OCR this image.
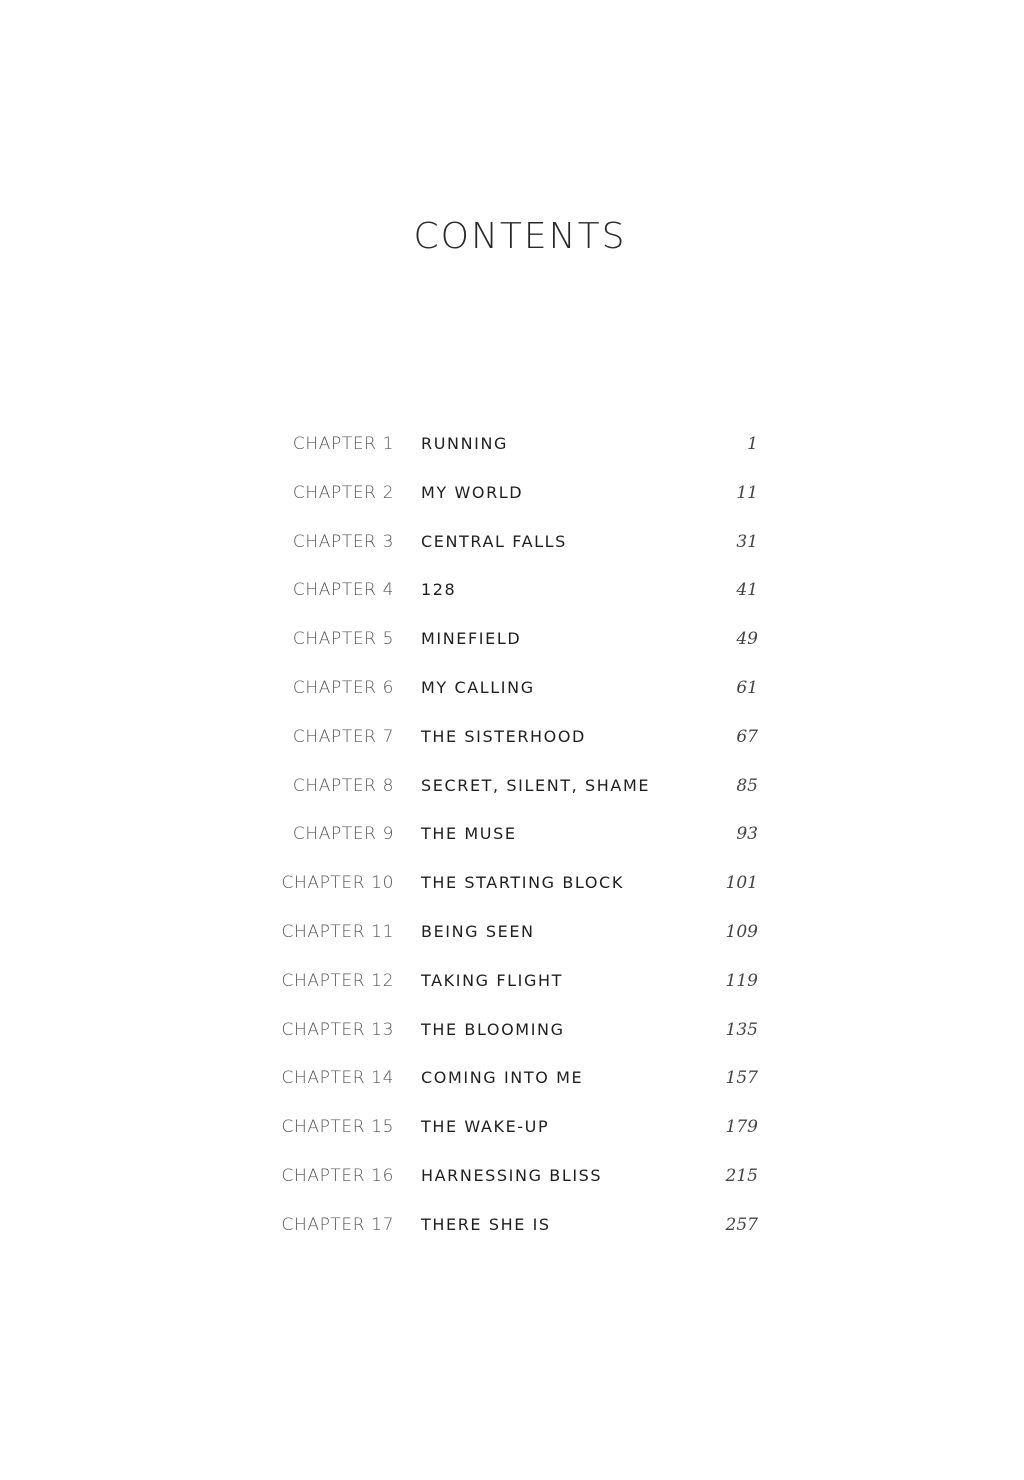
CONTENTS
CHAPTER 1 RUNNING	1
CHAPTER 2 MY WORLD	11
CHAPTER 3 CENTRAL FALLS	31
CHAPTER 4 128	41
CHAPTER 5 MINEFIELD	49
CHAPTER 6 MY CALLING	61
CHAPTER 7 THE SISTERHOOD	67
CHAPTER 8 SECRET, SILENT, SHAME	85
CHAPTER 9 THE MUSE	93
CHAPTER 10 THE STARTING BLOCK	101
CHAPTER 11 BEING SEEN	109
CHAPTER 12 TAKING FLIGHT	119
CHAPTER 13 THE BLOOMING	135
CHAPTER 14 COMING INTO ME	157
CHAPTER 15 THE WAKE-UP	179
CHAPTER 16 HARNESSING BLISS	215
CHAPTER 17 THERE SHE IS	257
